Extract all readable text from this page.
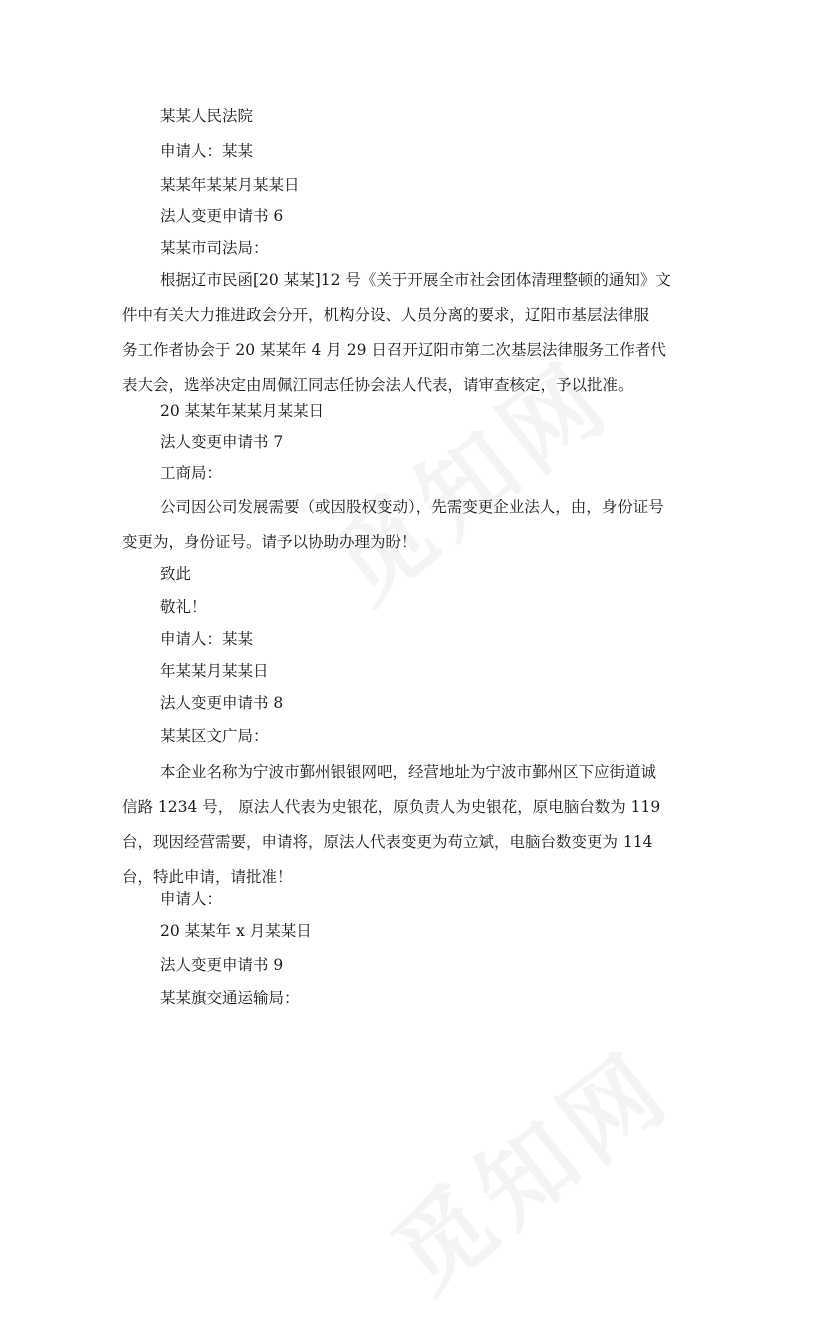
某某人民法院
申请人：某某
某某年某某月某某日
法人变更申请书 6
某某市司法局：
根据辽市民函[20 某某]12 号《关于开展全市社会团体清理整顿的通知》文
件中有关大力推进政会分开，机构分设、人员分离的要求，辽阳市基层法律服
务工作者协会于 20 某某年 4 月 29 日召开辽阳市第二次基层法律服务工作者代
表大会，选举决定由周佩江同志任协会法人代表，请审查核定，予以批准。
20 某某年某某月某某日
法人变更申请书 7
工商局：
公司因公司发展需要（或因股权变动），先需变更企业法人，由，身份证号
变更为，身份证号。请予以协助办理为盼！
致此
敬礼！
申请人：某某
年某某月某某日
法人变更申请书 8
某某区文广局：
本企业名称为宁波市鄞州银银网吧，经营地址为宁波市鄞州区下应街道诚
信路 1234 号， 原法人代表为史银花，原负责人为史银花，原电脑台数为 119
台，现因经营需要，申请将，原法人代表变更为苟立斌，电脑台数变更为 114
台，特此申请，请批准！
申请人：
20 某某年 x 月某某日
法人变更申请书 9
某某旗交通运输局：
